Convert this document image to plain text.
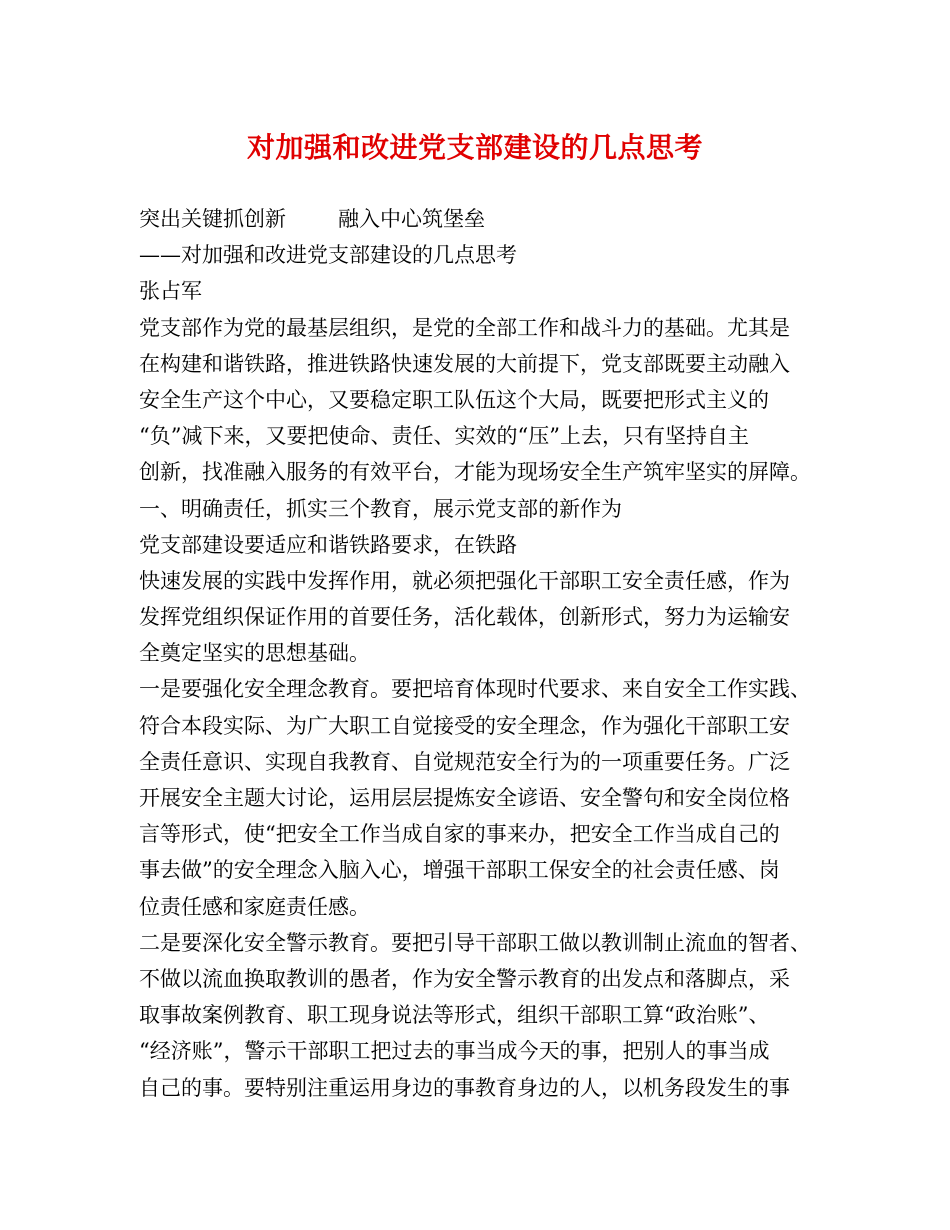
对加强和改进党支部建设的几点思考
突出关键抓创新 融入中心筑堡垒
——对加强和改进党支部建设的几点思考
张占军
党支部作为党的最基层组织，是党的全部工作和战斗力的基础。尤其是
在构建和谐铁路，推进铁路快速发展的大前提下，党支部既要主动融入
安全生产这个中心，又要稳定职工队伍这个大局，既要把形式主义的
“负”减下来，又要把使命、责任、实效的“压”上去，只有坚持自主
创新，找准融入服务的有效平台，才能为现场安全生产筑牢坚实的屏障。
一、明确责任，抓实三个教育，展示党支部的新作为
党支部建设要适应和谐铁路要求，在铁路
快速发展的实践中发挥作用，就必须把强化干部职工安全责任感，作为
发挥党组织保证作用的首要任务，活化载体，创新形式，努力为运输安
全奠定坚实的思想基础。
一是要强化安全理念教育。要把培育体现时代要求、来自安全工作实践、
符合本段实际、为广大职工自觉接受的安全理念，作为强化干部职工安
全责任意识、实现自我教育、自觉规范安全行为的一项重要任务。广泛
开展安全主题大讨论，运用层层提炼安全谚语、安全警句和安全岗位格
言等形式，使“把安全工作当成自家的事来办，把安全工作当成自己的
事去做”的安全理念入脑入心，增强干部职工保安全的社会责任感、岗
位责任感和家庭责任感。
二是要深化安全警示教育。要把引导干部职工做以教训制止流血的智者、
不做以流血换取教训的愚者，作为安全警示教育的出发点和落脚点，采
取事故案例教育、职工现身说法等形式，组织干部职工算“政治账”、
“经济账”，警示干部职工把过去的事当成今天的事，把别人的事当成
自己的事。要特别注重运用身边的事教育身边的人，以机务段发生的事
